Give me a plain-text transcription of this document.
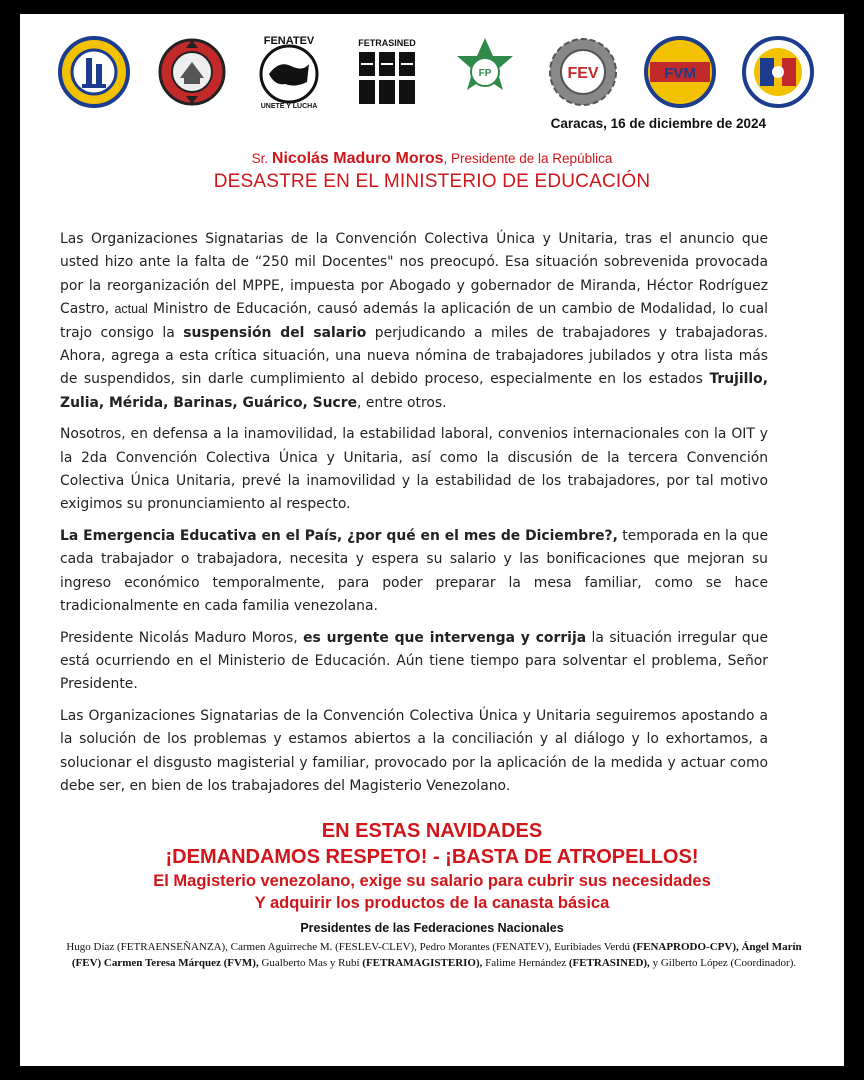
FENATEV
UNETE Y LUCHA
FETRASINED
FP	FEV	FVM
Caracas, 16 de diciembre de 2024
Sr. Nicolás Maduro Moros, Presidente de la República
DESASTRE EN EL MINISTERIO DE EDUCACIÓN

Las Organizaciones Signatarias de la Convención Colectiva Única y Unitaria, tras el anuncio que usted hizo ante la falta de “250 mil Docentes" nos preocupó. Esa situación sobrevenida provocada por la reorganización del MPPE, impuesta por Abogado y gobernador de Miranda, Héctor Rodríguez Castro, actual Ministro de Educación, causó además la aplicación de un cambio de Modalidad, lo cual trajo consigo la suspensión del salario perjudicando a miles de trabajadores y trabajadoras. Ahora, agrega a esta crítica situación, una nueva nómina de trabajadores jubilados y otra lista más de suspendidos, sin darle cumplimiento al debido proceso, especialmente en los estados Trujillo, Zulia, Mérida, Barinas, Guárico, Sucre, entre otros.

Nosotros, en defensa a la inamovilidad, la estabilidad laboral, convenios internacionales con la OIT y la 2da Convención Colectiva Única y Unitaria, así como la discusión de la tercera Convención Colectiva Única Unitaria, prevé la inamovilidad y la estabilidad de los trabajadores, por tal motivo exigimos su pronunciamiento al respecto.

La Emergencia Educativa en el País, ¿por qué en el mes de Diciembre?, temporada en la que cada trabajador o trabajadora, necesita y espera su salario y las bonificaciones que mejoran su ingreso económico temporalmente, para poder preparar la mesa familiar, como se hace tradicionalmente en cada familia venezolana.

Presidente Nicolás Maduro Moros, es urgente que intervenga y corrija la situación irregular que está ocurriendo en el Ministerio de Educación. Aún tiene tiempo para solventar el problema, Señor Presidente.

Las Organizaciones Signatarias de la Convención Colectiva Única y Unitaria seguiremos apostando a la solución de los problemas y estamos abiertos a la conciliación y al diálogo y lo exhortamos, a solucionar el disgusto magisterial y familiar, provocado por la aplicación de la medida y actuar como debe ser, en bien de los trabajadores del Magisterio Venezolano.

EN ESTAS NAVIDADES
¡DEMANDAMOS RESPETO! - ¡BASTA DE ATROPELLOS!
El Magisterio venezolano, exige su salario para cubrir sus necesidades
Y adquirir los productos de la canasta básica
Presidentes de las Federaciones Nacionales
Hugo Díaz (FETRAENSEÑANZA), Carmen Aguirreche M. (FESLEV-CLEV), Pedro Morantes (FENATEV), Euribiades Verdú (FENAPRODO-CPV), Ángel Marín (FEV) Carmen Teresa Márquez (FVM), Gualberto Mas y Rubí (FETRAMAGISTERIO), Falime Hernández (FETRASINED), y Gilberto López (Coordinador).
